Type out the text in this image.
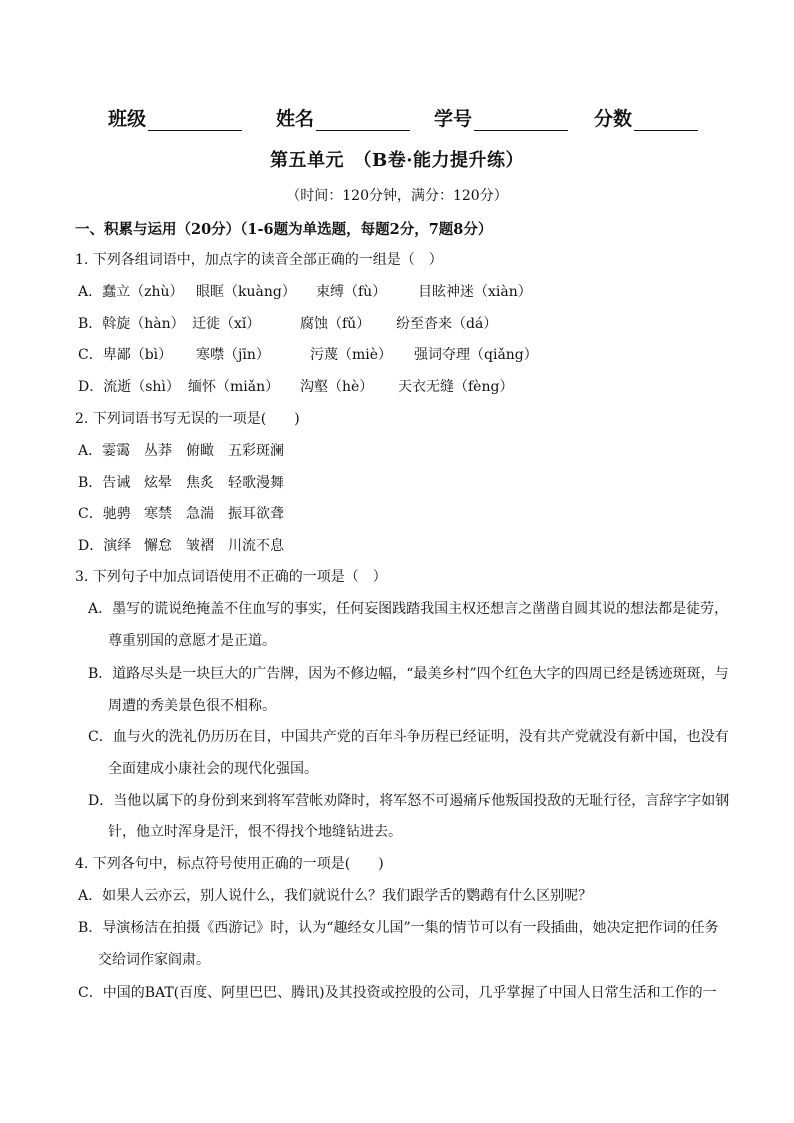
班级	姓名	学号	分数
第五单元　（B卷·能力提升练）
（时间：120分钟，满分：120分）
一、积累与运用（20分）（1-6题为单选题，每题2分，7题8分）
1. 下列各组词语中，加点字的读音全部正确的一组是（　）
A．蠢立（zhù） 眼眶（kuàng） 束缚（fù） 目眩神迷（xiàn）
B．斡旋（hàn） 迁徙（xǐ）	腐蚀（fǔ） 纷至沓来（dá）
C．卑鄙（bì） 寒噤（jīn）	污蔑（miè） 强词夺理（qiǎng）
D．流逝（shì） 缅怀（miǎn） 沟壑（hè） 天衣无缝（fèng）
2. 下列词语书写无误的一项是(　　)
A．霎霭 丛莽 俯瞰 五彩斑澜
B．告诫 炫晕 焦炙 轻歌漫舞
C．驰骋 寒禁 急湍 振耳欲聋
D．演绎 懈怠 皱褶 川流不息
3. 下列句子中加点词语使用不正确的一项是（　）
A．墨写的谎说绝掩盖不住血写的事实，任何妄图践踏我国主权还想言之凿凿自圆其说的想法都是徒劳，
尊重别国的意愿才是正道。
B．道路尽头是一块巨大的广告牌，因为不修边幅，“最美乡村”四个红色大字的四周已经是锈迹斑斑，与
周遭的秀美景色很不相称。
C．血与火的洗礼仍历历在目，中国共产党的百年斗争历程已经证明，没有共产党就没有新中国，也没有
全面建成小康社会的现代化强国。
D．当他以属下的身份到来到将军营帐劝降时，将军怒不可遏痛斥他叛国投敌的无耻行径，言辞字字如钢
针，他立时浑身是汗，恨不得找个地缝钻进去。
4. 下列各句中，标点符号使用正确的一项是(　　)
A．如果人云亦云，别人说什么，我们就说什么？我们跟学舌的鹦鹉有什么区别呢？
B．导演杨洁在拍摄《西游记》时，认为“趣经女儿国”一集的情节可以有一段插曲，她决定把作词的任务
交给词作家阎肃。
C．中国的BAT(百度、阿里巴巴、腾讯)及其投资或控股的公司，几乎掌握了中国人日常生活和工作的一
